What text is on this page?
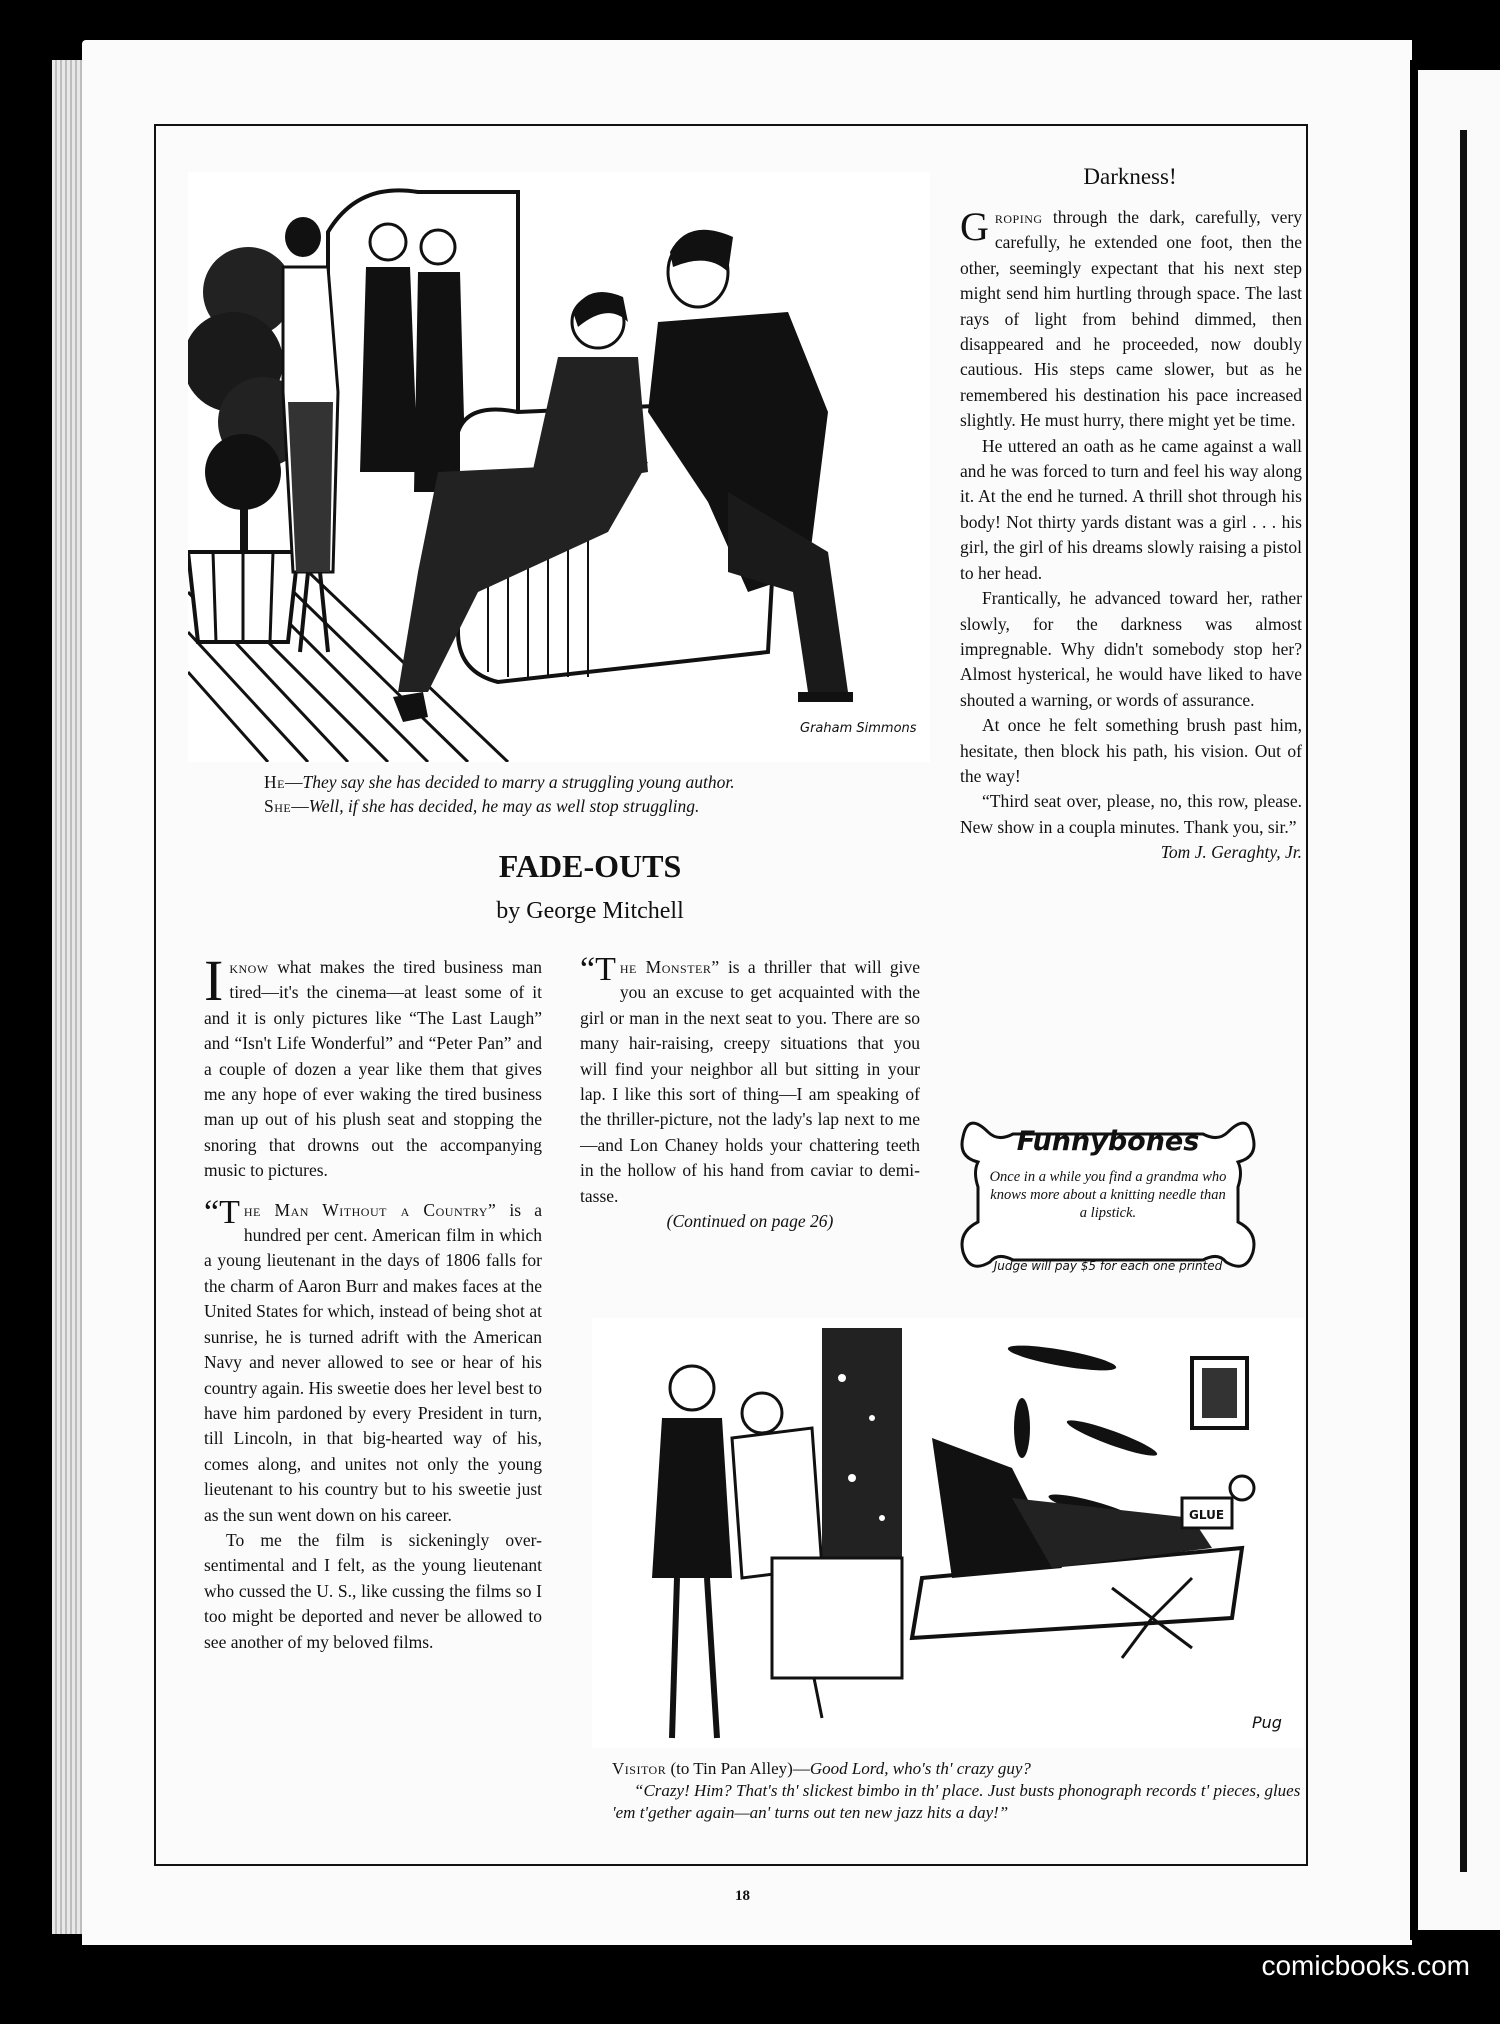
Graham Simmons
He—They say she has decided to marry a struggling young author.
She—Well, if she has decided, he may as well stop struggling.
FADE-OUTS
by George Mitchell

Iknow what makes the tired business man tired—it's the cinema—at least some of it and it is only pictures like “The Last Laugh” and “Isn't Life Wonderful” and “Peter Pan” and a couple of dozen a year like them that gives me any hope of ever waking the tired business man up out of his plush seat and stopping the snoring that drowns out the accompanying music to pictures.

“The Man Without a Country” is a hundred per cent. American film in which a young lieutenant in the days of 1806 falls for the charm of Aaron Burr and makes faces at the United States for which, instead of being shot at sunrise, he is turned adrift with the American Navy and never allowed to see or hear of his country again. His sweetie does her level best to have him pardoned by every President in turn, till Lincoln, in that big-hearted way of his, comes along, and unites not only the young lieutenant to his country but to his sweetie just as the sun went down on his career.

To me the film is sickeningly over-sentimental and I felt, as the young lieutenant who cussed the U. S., like cussing the films so I too might be deported and never be allowed to see another of my beloved films.

“The Monster” is a thriller that will give you an excuse to get acquainted with the girl or man in the next seat to you. There are so many hair-raising, creepy situations that you will find your neighbor all but sitting in your lap. I like this sort of thing—I am speaking of the thriller-picture, not the lady's lap next to me—and Lon Chaney holds your chattering teeth in the hollow of his hand from caviar to demi-tasse.

(Continued on page 26)

Darkness!

Groping through the dark, carefully, very carefully, he extended one foot, then the other, seemingly expectant that his next step might send him hurtling through space. The last rays of light from behind dimmed, then disappeared and he proceeded, now doubly cautious. His steps came slower, but as he remembered his destination his pace increased slightly. He must hurry, there might yet be time.

He uttered an oath as he came against a wall and he was forced to turn and feel his way along it. At the end he turned. A thrill shot through his body! Not thirty yards distant was a girl . . . his girl, the girl of his dreams slowly raising a pistol to her head.

Frantically, he advanced toward her, rather slowly, for the darkness was almost impregnable. Why didn't somebody stop her? Almost hysterical, he would have liked to have shouted a warning, or words of assurance.

At once he felt something brush past him, hesitate, then block his path, his vision. Out of the way!

“Third seat over, please, no, this row, please. New show in a coupla minutes. Thank you, sir.”

Tom J. Geraghty, Jr.

Funnybones
Once in a while you find a grandma who knows more about a knitting needle than a lipstick.
Judge will pay $5 for each one printed
GLUE
Pug
Visitor (to Tin Pan Alley)—Good Lord, who's th' crazy guy?
“Crazy! Him? That's th' slickest bimbo in th' place. Just busts phonograph records t' pieces, glues 'em t'gether again—an' turns out ten new jazz hits a day!”
18
comicbooks.com
